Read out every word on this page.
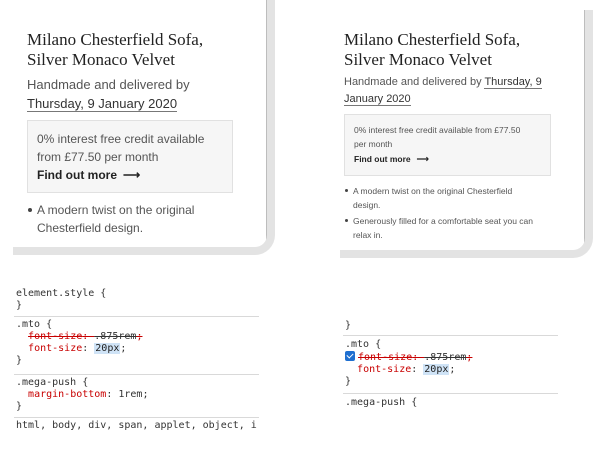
Milano Chesterfield Sofa,
Silver Monaco Velvet
Handmade and delivered by
Thursday, 9 January 2020
0% interest free credit available
from £77.50 per month
Find out more ⟶
A modern twist on the original
Chesterfield design.
Milano Chesterfield Sofa,
Silver Monaco Velvet
Handmade and delivered by Thursday, 9
January 2020
0% interest free credit available from £77.50
per month
Find out more ⟶
A modern twist on the original Chesterfield
design.
Generously filled for a comfortable seat you can
relax in.
element.style {
}
.mto {
font-size: .875rem;
font-size: 20px;
}
.mega-push {
margin-bottom: 1rem;
}
html, body, div, span, applet, object, i
}
.mto {
font-size: .875rem;
font-size: 20px;
}
.mega-push {
